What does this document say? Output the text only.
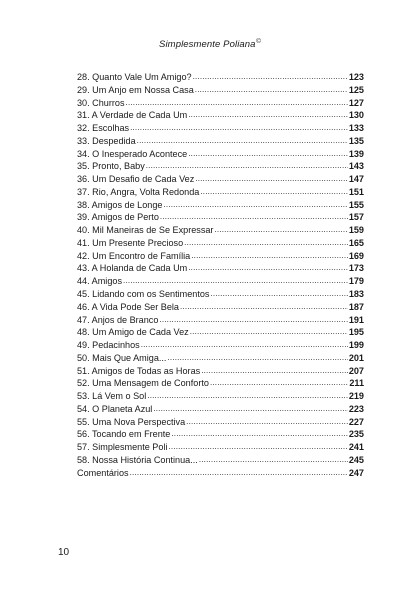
Simplesmente Poliana©
28. Quanto Vale Um Amigo? .....	123
29. Um Anjo em Nossa Casa .....	125
30. Churros .....	127
31. A Verdade de Cada Um .....	130
32. Escolhas .....	133
33. Despedida .....	135
34. O Inesperado Acontece .....	139
35. Pronto, Baby .....	143
36. Um Desafio de Cada Vez .....	147
37. Rio, Angra, Volta Redonda .....	151
38. Amigos de Longe .....	155
39. Amigos de Perto .....	157
40. Mil Maneiras de Se Expressar .....	159
41. Um Presente Precioso .....	165
42. Um Encontro de Família .....	169
43. A Holanda de Cada Um .....	173
44. Amigos .....	179
45. Lidando com os Sentimentos .....	183
46. A Vida Pode Ser Bela .....	187
47. Anjos de Branco .....	191
48. Um Amigo de Cada Vez .....	195
49. Pedacinhos .....	199
50. Mais Que Amiga... .....	201
51. Amigos de Todas as Horas .....	207
52. Uma Mensagem de Conforto .....	211
53. Lá Vem o Sol .....	219
54. O Planeta Azul .....	223
55. Uma Nova Perspectiva .....	227
56. Tocando em Frente .....	235
57. Simplesmente Poli .....	241
58. Nossa História Continua... .....	245
Comentários .....	247
10
